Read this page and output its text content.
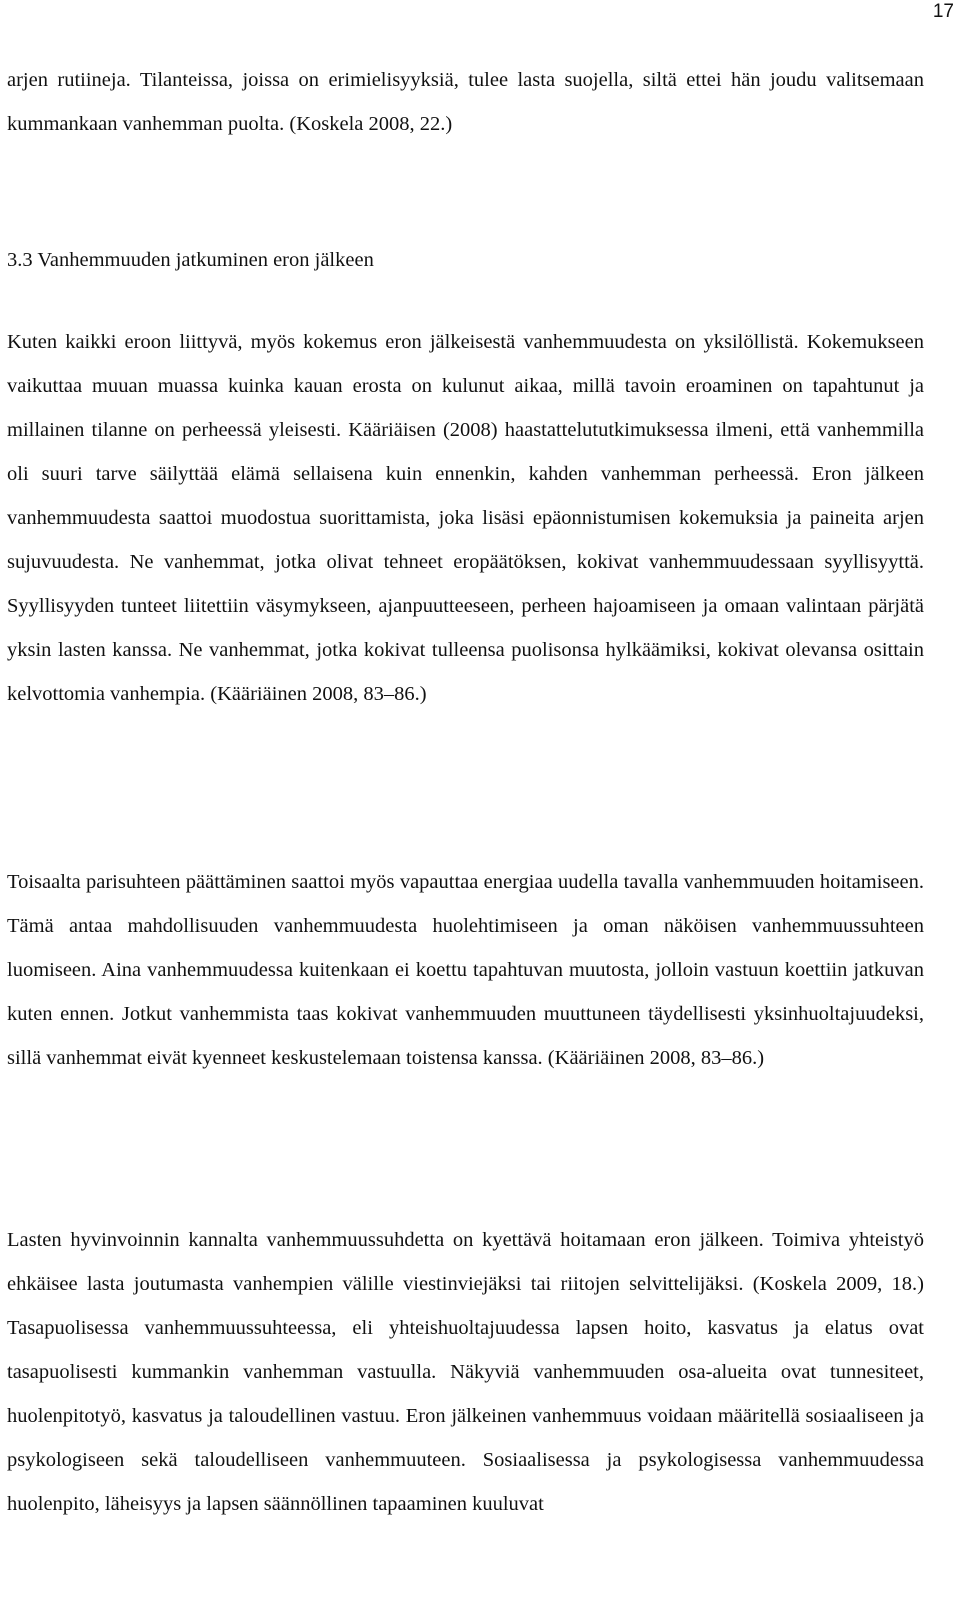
17

arjen rutiineja. Tilanteissa, joissa on erimielisyyksiä, tulee lasta suojella, siltä ettei hän joudu valitsemaan kummankaan vanhemman puolta. (Koskela 2008, 22.)

3.3 Vanhemmuuden jatkuminen eron jälkeen

Kuten kaikki eroon liittyvä, myös kokemus eron jälkeisestä vanhemmuudesta on yksilöllistä. Kokemukseen vaikuttaa muuan muassa kuinka kauan erosta on kulunut aikaa, millä tavoin eroaminen on tapahtunut ja millainen tilanne on perheessä yleisesti. Kääriäisen (2008) haastattelututkimuksessa ilmeni, että vanhemmilla oli suuri tarve säilyttää elämä sellaisena kuin ennenkin, kahden vanhemman perheessä. Eron jälkeen vanhemmuudesta saattoi muodostua suorittamista, joka lisäsi epäonnistumisen kokemuksia ja paineita arjen sujuvuudesta. Ne vanhemmat, jotka olivat tehneet eropäätöksen, kokivat vanhemmuudessaan syyllisyyttä. Syyllisyyden tunteet liitettiin väsymykseen, ajanpuutteeseen, perheen hajoamiseen ja omaan valintaan pärjätä yksin lasten kanssa. Ne vanhemmat, jotka kokivat tulleensa puolisonsa hylkäämiksi, kokivat olevansa osittain kelvottomia vanhempia. (Kääriäinen 2008, 83–86.)

Toisaalta parisuhteen päättäminen saattoi myös vapauttaa energiaa uudella tavalla vanhemmuuden hoitamiseen. Tämä antaa mahdollisuuden vanhemmuudesta huolehtimiseen ja oman näköisen vanhemmuussuhteen luomiseen. Aina vanhemmuudessa kuitenkaan ei koettu tapahtuvan muutosta, jolloin vastuun koettiin jatkuvan kuten ennen. Jotkut vanhemmista taas kokivat vanhemmuuden muuttuneen täydellisesti yksinhuoltajuudeksi, sillä vanhemmat eivät kyenneet keskustelemaan toistensa kanssa. (Kääriäinen 2008, 83–86.)

Lasten hyvinvoinnin kannalta vanhemmuussuhdetta on kyettävä hoitamaan eron jälkeen. Toimiva yhteistyö ehkäisee lasta joutumasta vanhempien välille viestinviejäksi tai riitojen selvittelijäksi. (Koskela 2009, 18.) Tasapuolisessa vanhemmuussuhteessa, eli yhteishuoltajuudessa lapsen hoito, kasvatus ja elatus ovat tasapuolisesti kummankin vanhemman vastuulla. Näkyviä vanhemmuuden osa-alueita ovat tunnesiteet, huolenpitotyö, kasvatus ja taloudellinen vastuu. Eron jälkeinen vanhemmuus voidaan määritellä sosiaaliseen ja psykologiseen sekä taloudelliseen vanhemmuuteen. Sosiaalisessa ja psykologisessa vanhemmuudessa huolenpito, läheisyys ja lapsen säännöllinen tapaaminen kuuluvat
